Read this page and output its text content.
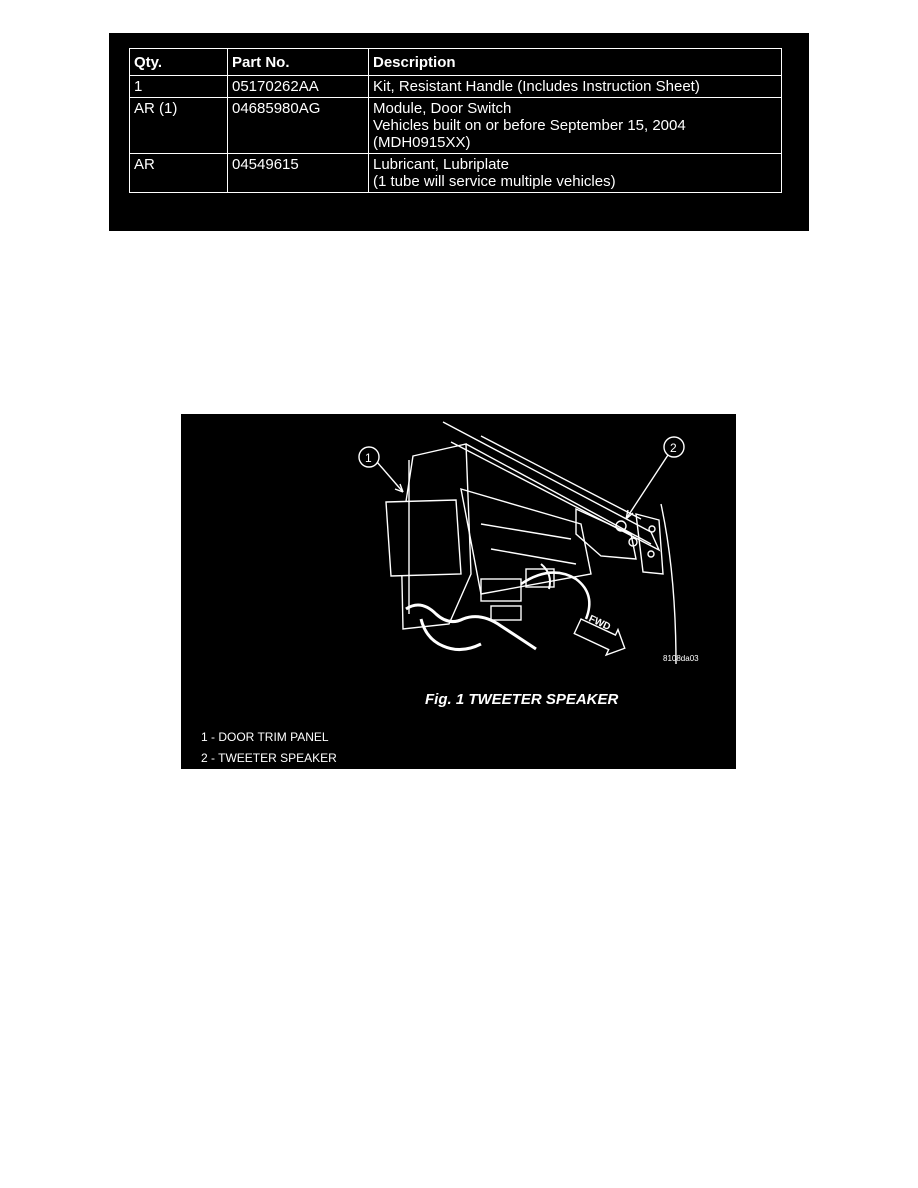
Qty.	Part No.	Description
1	05170262AA	Kit, Resistant Handle (Includes Instruction Sheet)

AR (1)	04685980AG	Module, Door Switch
Vehicles built on or before September 15, 2004
(MDH0915XX)

AR	04549615	Lubricant, Lubriplate
(1 tube will service multiple vehicles)
FWD
1
2
8108da03
Fig. 1 TWEETER SPEAKER
1 - DOOR TRIM PANEL
2 - TWEETER SPEAKER
